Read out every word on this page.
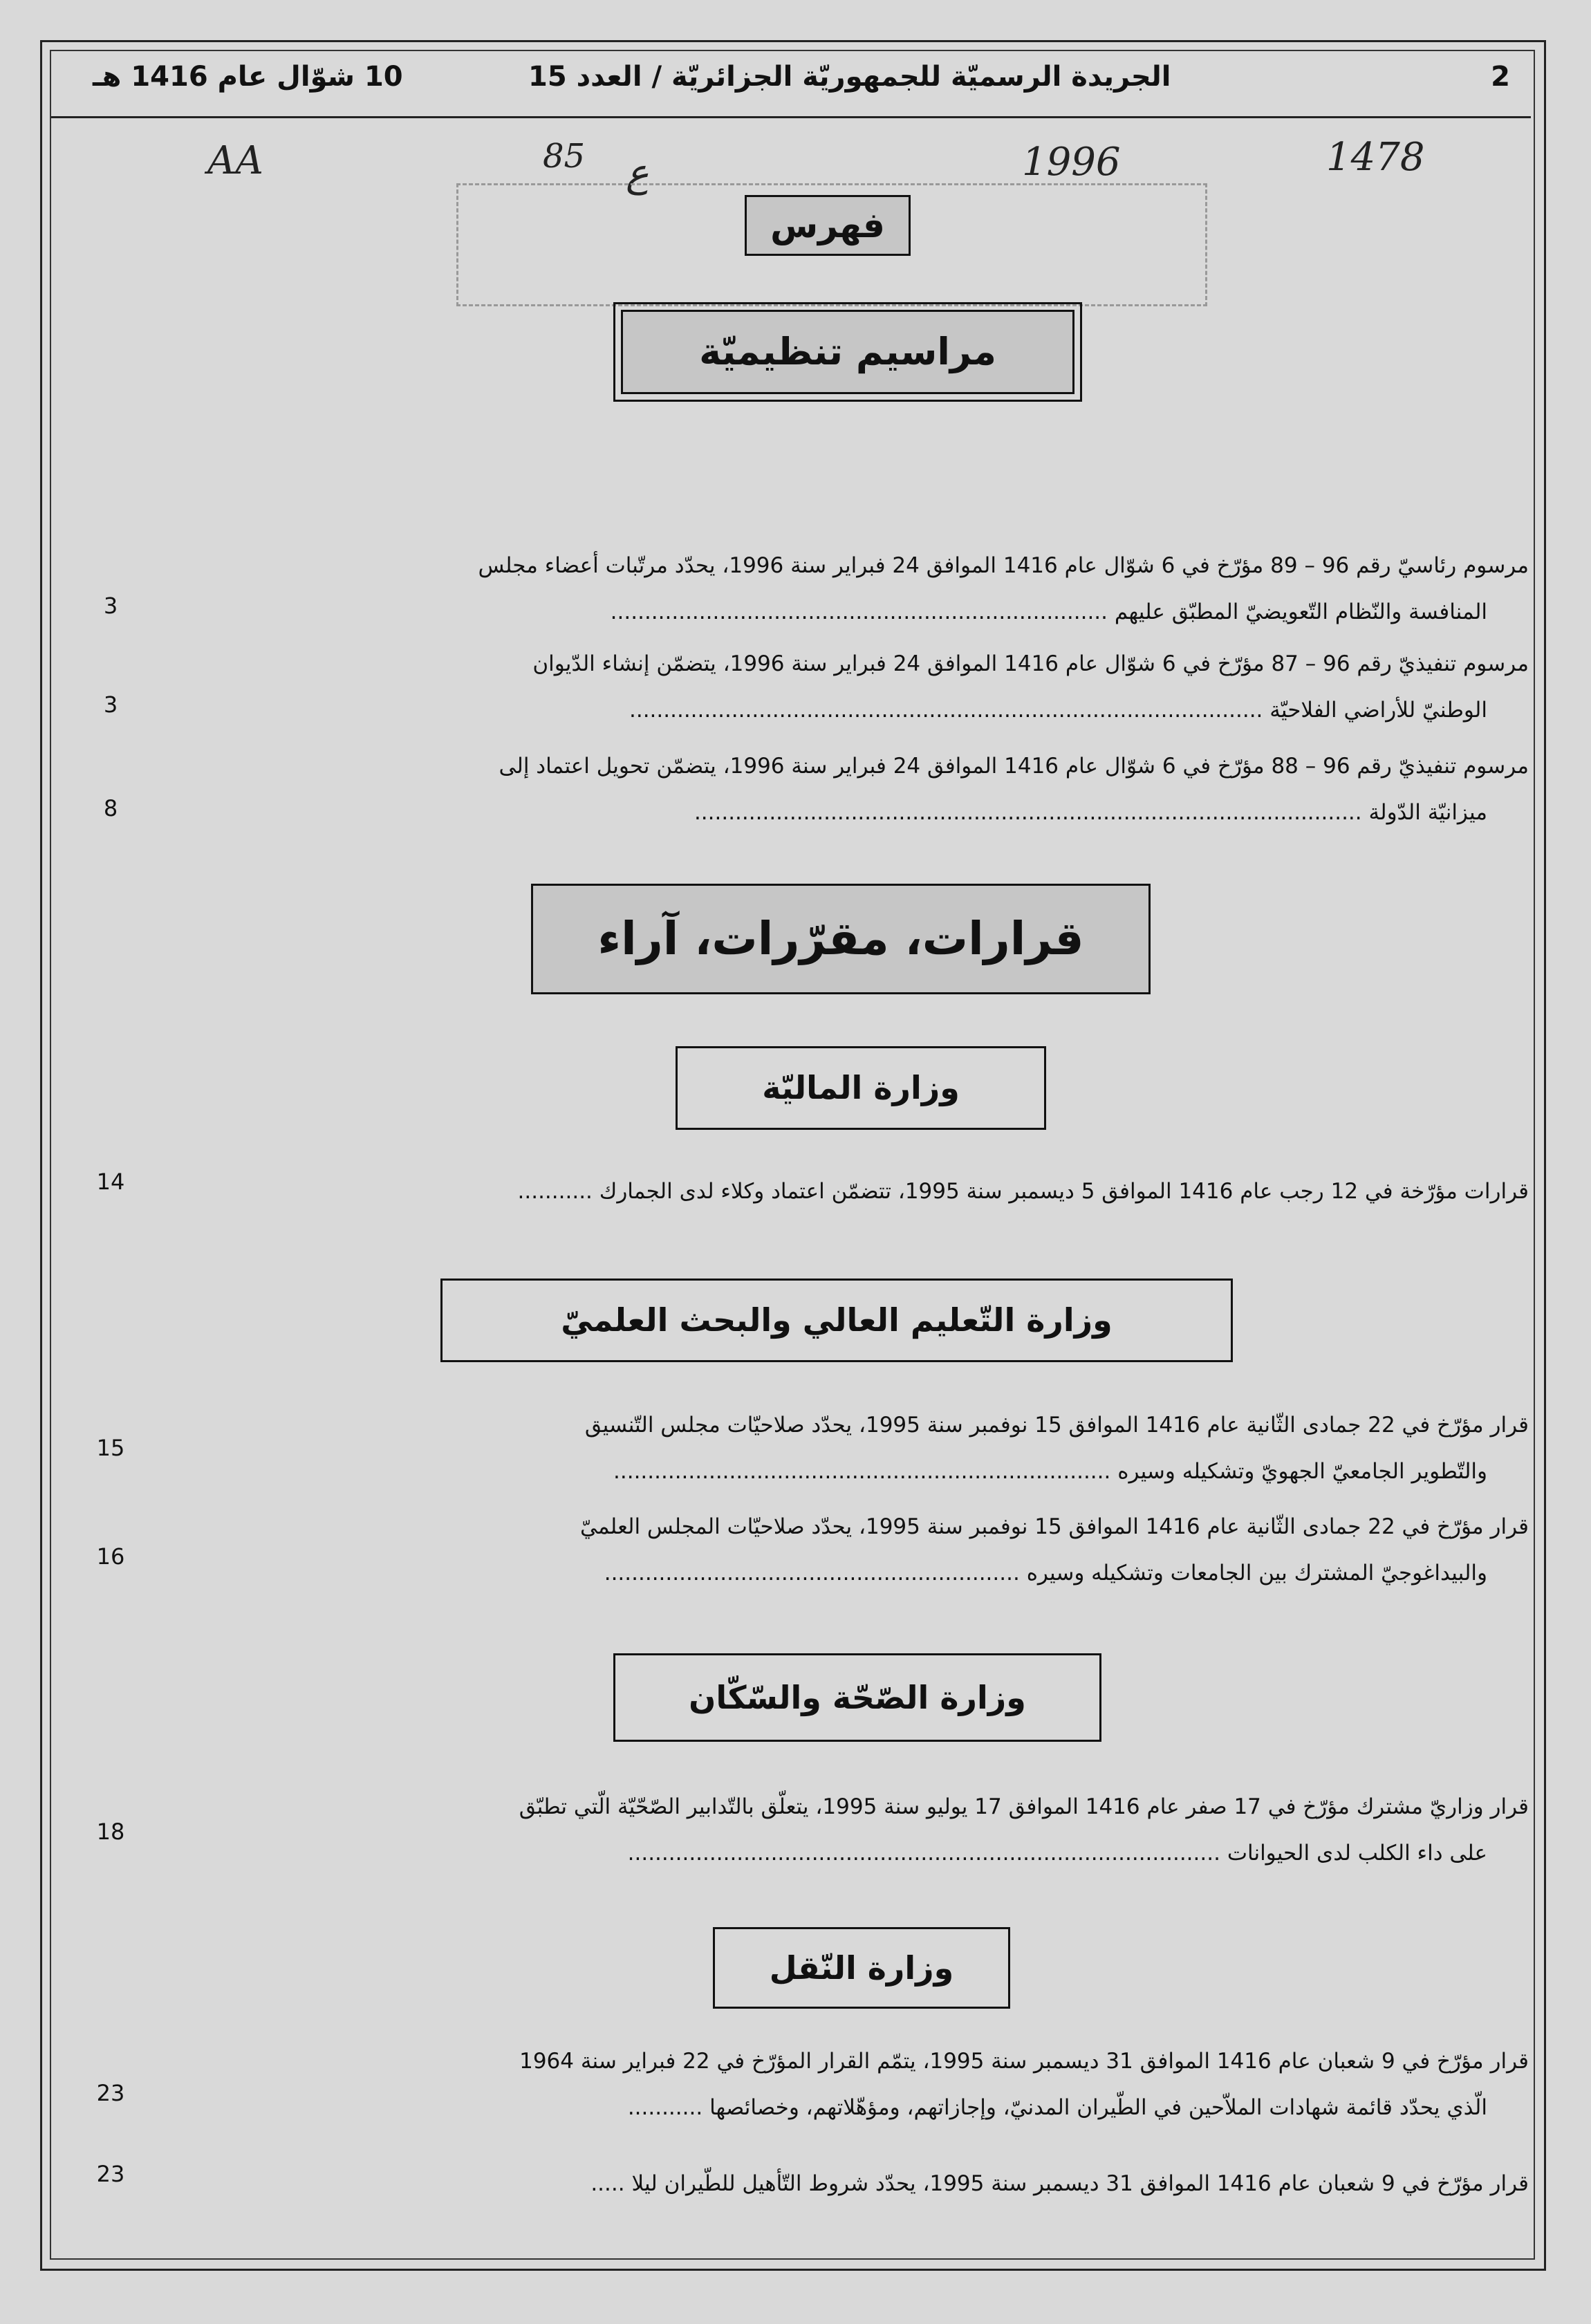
2
الجريدة الرسميّة للجمهوريّة الجزائريّة / العدد 15
10 شوّال عام 1416 هـ
AA	85 ع	1996	1478
فهرس
مراسيم تنظيميّة
مرسوم رئاسيّ رقم 96 – 89 مؤرّخ في 6 شوّال عام 1416 الموافق 24 فبراير سنة 1996، يحدّد مرتّبات أعضاء مجلس
المنافسة والنّظام التّعويضيّ المطبّق عليهم .........................................................................
3
مرسوم تنفيذيّ رقم 96 – 87 مؤرّخ في 6 شوّال عام 1416 الموافق 24 فبراير سنة 1996، يتضمّن إنشاء الدّيوان
الوطنيّ للأراضي الفلاحيّة .............................................................................................
3
مرسوم تنفيذيّ رقم 96 – 88 مؤرّخ في 6 شوّال عام 1416 الموافق 24 فبراير سنة 1996، يتضمّن تحويل اعتماد إلى
ميزانيّة الدّولة ..................................................................................................
8
قرارات، مقرّرات، آراء
وزارة الماليّة
قرارات مؤرّخة في 12 رجب عام 1416 الموافق 5 ديسمبر سنة 1995، تتضمّن اعتماد وكلاء لدى الجمارك ...........
14
وزارة التّعليم العالي والبحث العلميّ
قرار مؤرّخ في 22 جمادى الثّانية عام 1416 الموافق 15 نوفمبر سنة 1995، يحدّد صلاحيّات مجلس التّنسيق
والتّطوير الجامعيّ الجهويّ وتشكيله وسيره .........................................................................
15
قرار مؤرّخ في 22 جمادى الثّانية عام 1416 الموافق 15 نوفمبر سنة 1995، يحدّد صلاحيّات المجلس العلميّ
والبيداغوجيّ المشترك بين الجامعات وتشكيله وسيره .............................................................
16
وزارة الصّحّة والسّكّان
قرار وزاريّ مشترك مؤرّخ في 17 صفر عام 1416 الموافق 17 يوليو سنة 1995، يتعلّق بالتّدابير الصّحّيّة الّتي تطبّق
على داء الكلب لدى الحيوانات .......................................................................................
18
وزارة النّقل
قرار مؤرّخ في 9 شعبان عام 1416 الموافق 31 ديسمبر سنة 1995، يتمّم القرار المؤرّخ في 22 فبراير سنة 1964
الّذي يحدّد قائمة شهادات الملاّحين في الطّيران المدنيّ، وإجازاتهم، ومؤهّلاتهم، وخصائصها ...........
23
قرار مؤرّخ في 9 شعبان عام 1416 الموافق 31 ديسمبر سنة 1995، يحدّد شروط التّأهيل للطّيران ليلا .....
23
